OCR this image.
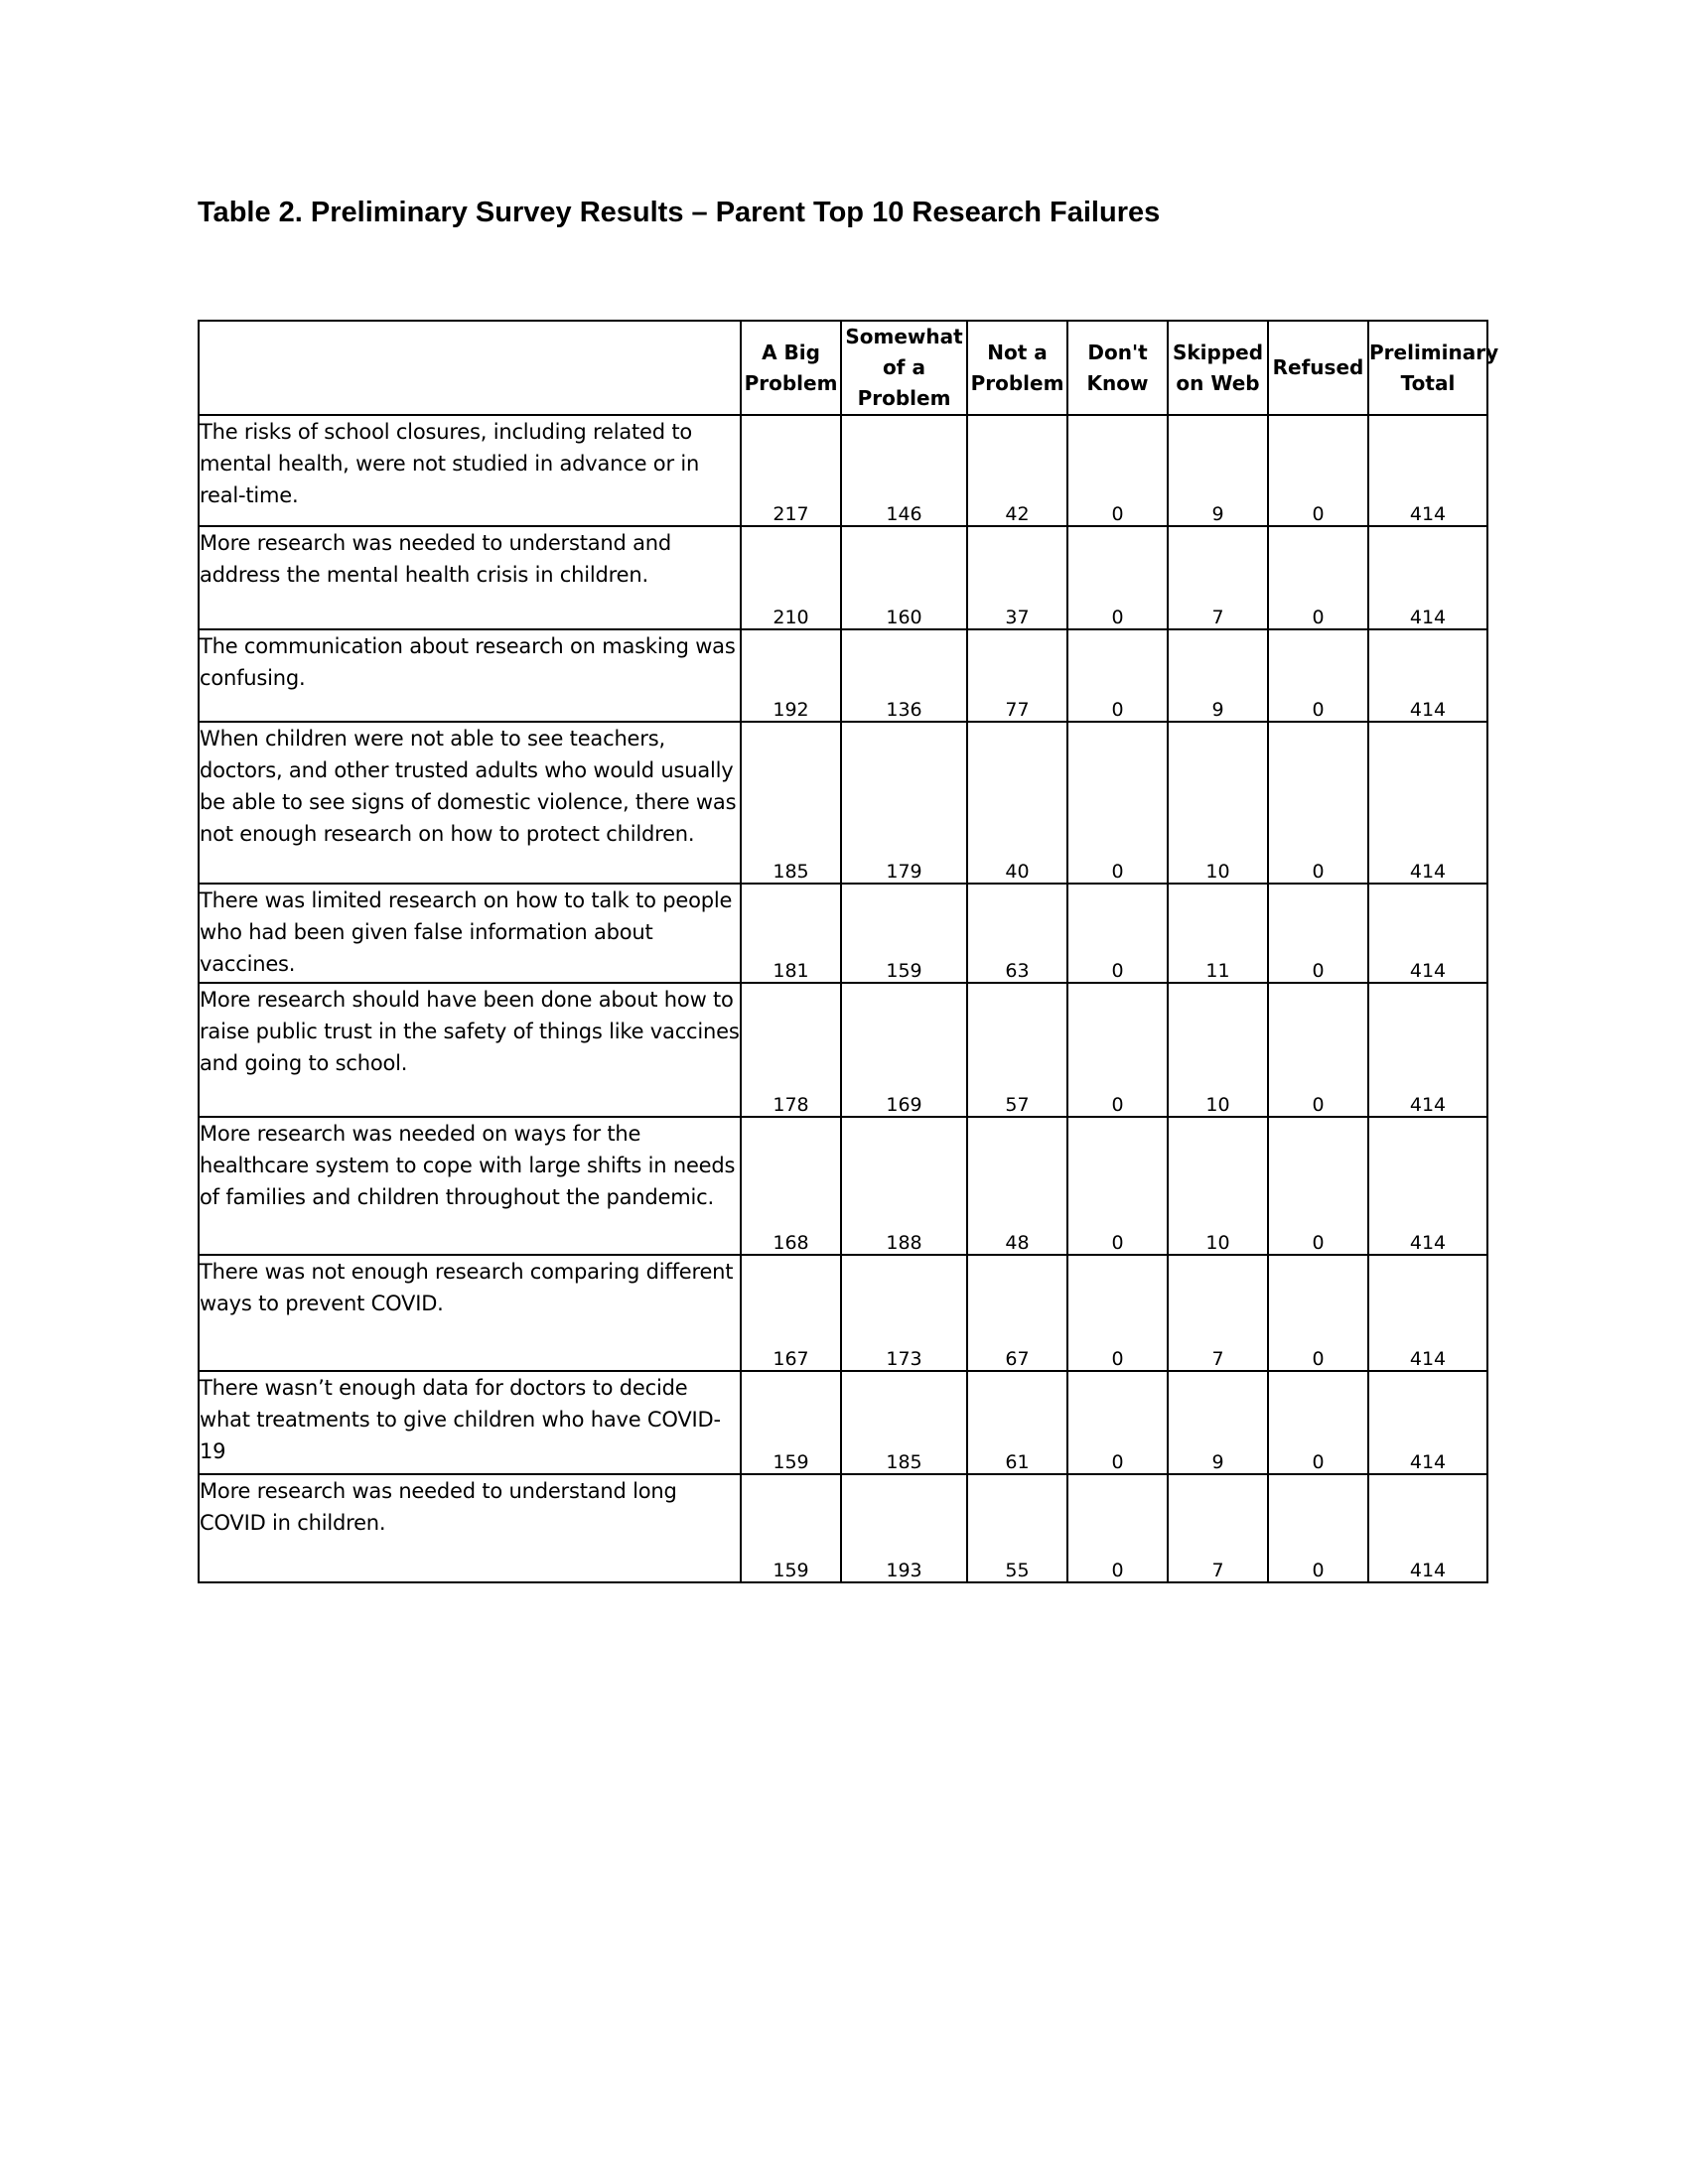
Table 2. Preliminary Survey Results – Parent Top 10 Research Failures
	A Big Problem	Somewhat of a Problem	Not a Problem	Don't Know	Skipped on Web	Refused	Preliminary Total
The risks of school closures, including related to mental health, were not studied in advance or in real-time.	217	146	42	0	9	0	414
More research was needed to understand and address the mental health crisis in children.	210	160	37	0	7	0	414
The communication about research on masking was confusing.	192	136	77	0	9	0	414
When children were not able to see teachers, doctors, and other trusted adults who would usually be able to see signs of domestic violence, there was not enough research on how to protect children.	185	179	40	0	10	0	414
There was limited research on how to talk to people who had been given false information about vaccines.	181	159	63	0	11	0	414
More research should have been done about how to raise public trust in the safety of things like vaccines and going to school.	178	169	57	0	10	0	414
More research was needed on ways for the healthcare system to cope with large shifts in needs of families and children throughout the pandemic.	168	188	48	0	10	0	414
There was not enough research comparing different ways to prevent COVID.	167	173	67	0	7	0	414
There wasn’t enough data for doctors to decide what treatments to give children who have COVID-19	159	185	61	0	9	0	414
More research was needed to understand long COVID in children.	159	193	55	0	7	0	414
